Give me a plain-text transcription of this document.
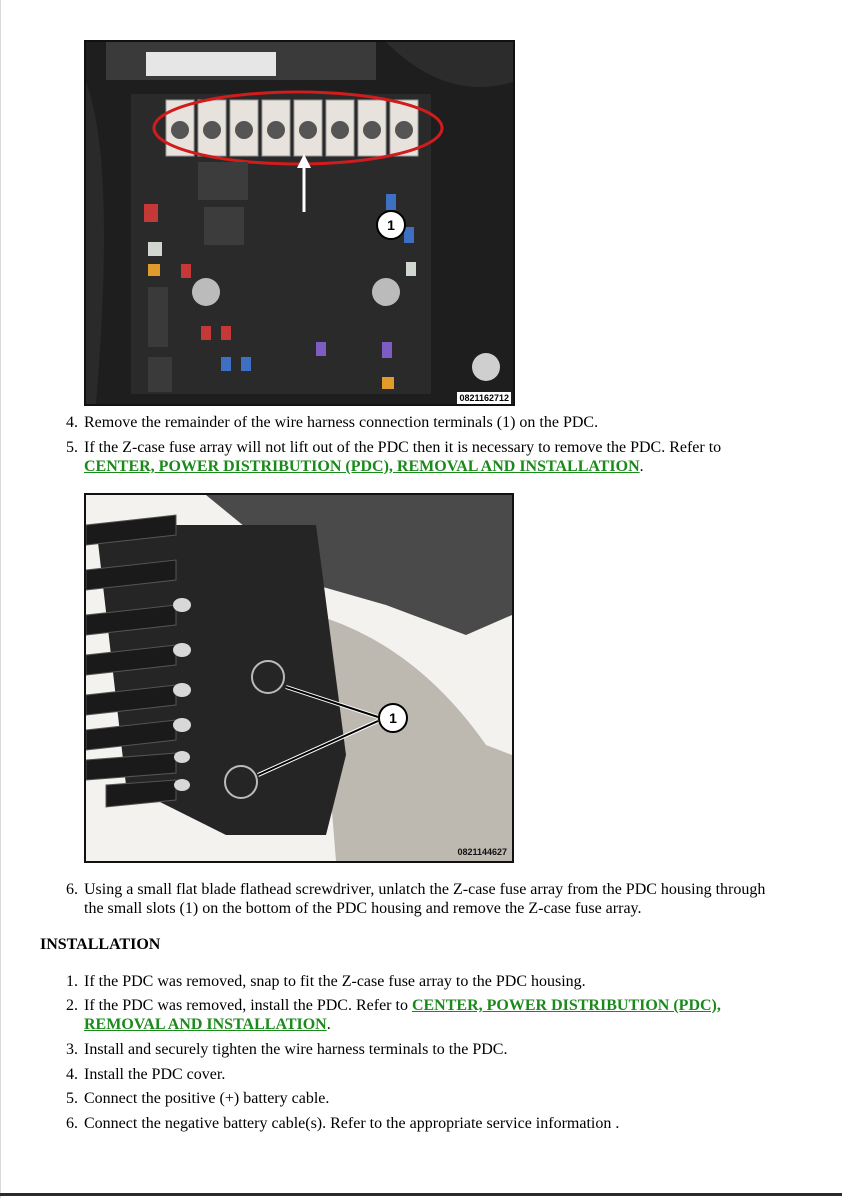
1
0821162712
4. Remove the remainder of the wire harness connection terminals (1) on the PDC.
5. If the Z-case fuse array will not lift out of the PDC then it is necessary to remove the PDC. Refer to CENTER, POWER DISTRIBUTION (PDC), REMOVAL AND INSTALLATION.
1
0821144627
6. Using a small flat blade flathead screwdriver, unlatch the Z-case fuse array from the PDC housing through the small slots (1) on the bottom of the PDC housing and remove the Z-case fuse array.
INSTALLATION
1. If the PDC was removed, snap to fit the Z-case fuse array to the PDC housing.
2. If the PDC was removed, install the PDC. Refer to CENTER, POWER DISTRIBUTION (PDC), REMOVAL AND INSTALLATION.
3. Install and securely tighten the wire harness terminals to the PDC.
4. Install the PDC cover.
5. Connect the positive (+) battery cable.
6. Connect the negative battery cable(s). Refer to the appropriate service information .
